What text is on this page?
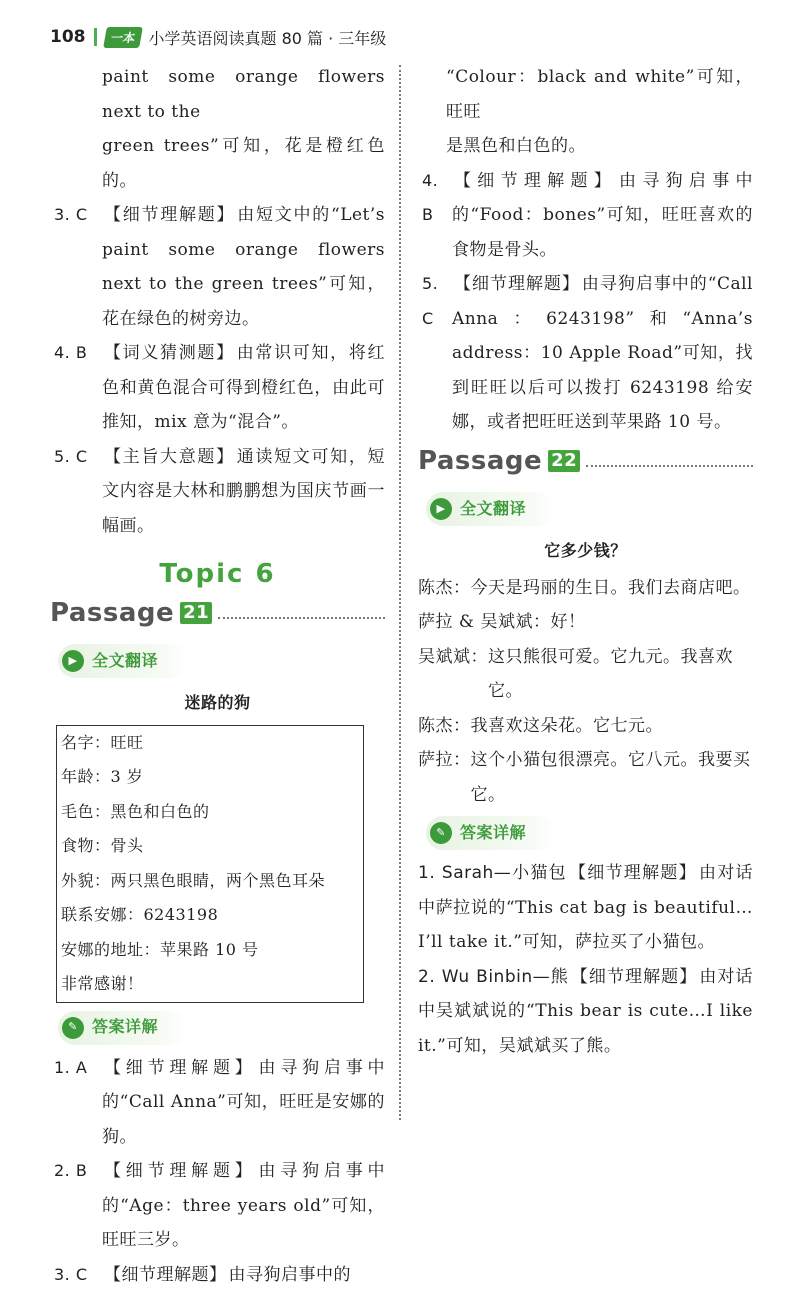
108	一本 小学英语阅读真题 80 篇 · 三年级

paint some orange flowers next to the
green trees”可知，花是橙红色的。

3. C 【细节理解题】 由短文中的“Let’s paint some orange flowers next to the green trees”可知，花在绿色的树旁边。
4. B 【词义猜测题】 由常识可知，将红色和黄色混合可得到橙红色，由此可推知，mix 意为“混合”。
5. C 【主旨大意题】 通读短文可知，短文内容是大林和鹏鹏想为国庆节画一幅画。
Topic 6
Passage 21
▶ 全文翻译
迷路的狗
名字：旺旺
年龄：3 岁
毛色：黑色和白色的
食物：骨头
外貌：两只黑色眼睛，两个黑色耳朵
联系安娜：6243198
安娜的地址：苹果路 10 号
非常感谢！
✎ 答案详解
1. A 【细节理解题】 由寻狗启事中的“Call Anna”可知，旺旺是安娜的狗。
2. B 【细节理解题】 由寻狗启事中的“Age：three years old”可知，旺旺三岁。
3. C 【细节理解题】 由寻狗启事中的

“Colour：black and white”可知，旺旺
是黑色和白色的。

4. B
【细节理解题】 由寻狗启事中的“Food：bones”可知，旺旺喜欢的食物是骨头。
5. C
【细节理解题】 由寻狗启事中的“Call Anna：6243198”和“Anna’s address：10 Apple Road”可知，找到旺旺以后可以拨打 6243198 给安娜，或者把旺旺送到苹果路 10 号。
Passage 22
▶ 全文翻译
它多少钱？
陈杰： 今天是玛丽的生日。我们去商店吧。
萨拉 & 吴斌斌： 好！
吴斌斌： 这只熊很可爱。它九元。我喜欢它。
陈杰： 我喜欢这朵花。它七元。
萨拉： 这个小猫包很漂亮。它八元。我要买它。
✎ 答案详解
1. Sarah—小猫包 【细节理解题】 由对话中萨拉说的“This cat bag is beautiful…I’ll take it.”可知，萨拉买了小猫包。
2. Wu Binbin—熊 【细节理解题】 由对话中吴斌斌说的“This bear is cute…I like it.”可知，吴斌斌买了熊。
